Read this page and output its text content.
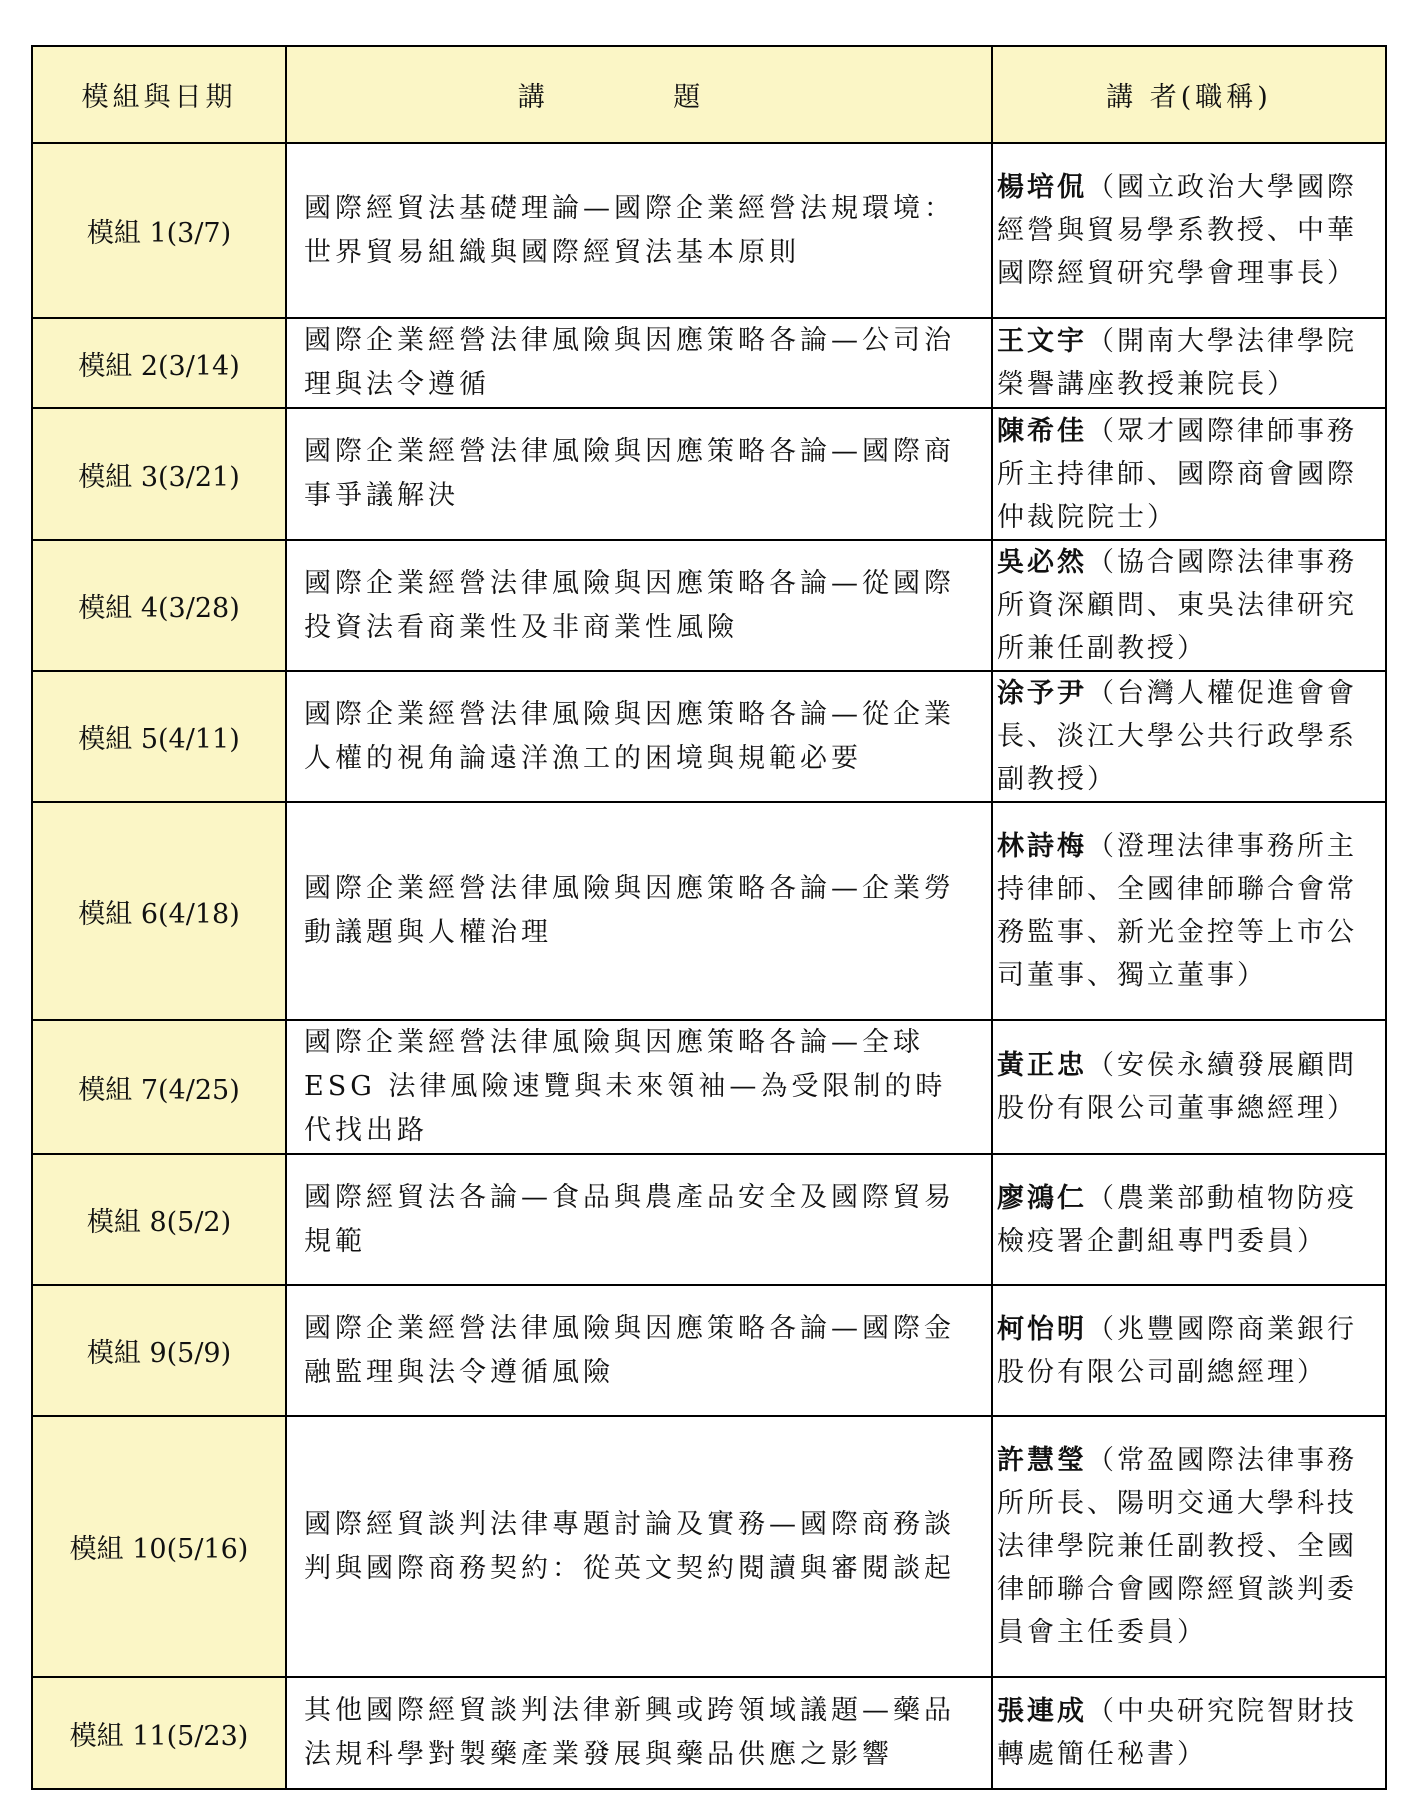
模組與日期	講 題	講 者(職稱)
模組 1(3/7)	國際經貿法基礎理論—國際企業經營法規環境：世界貿易組織與國際經貿法基本原則	楊培侃（國立政治大學國際經營與貿易學系教授、中華國際經貿研究學會理事長）

模組 2(3/14)	國際企業經營法律風險與因應策略各論—公司治理與法令遵循	王文宇（開南大學法律學院榮譽講座教授兼院長）

模組 3(3/21)	國際企業經營法律風險與因應策略各論—國際商事爭議解決	陳希佳（眾才國際律師事務所主持律師、國際商會國際仲裁院院士）

模組 4(3/28)	國際企業經營法律風險與因應策略各論—從國際投資法看商業性及非商業性風險	吳必然（協合國際法律事務所資深顧問、東吳法律研究所兼任副教授）

模組 5(4/11)	國際企業經營法律風險與因應策略各論—從企業人權的視角論遠洋漁工的困境與規範必要	涂予尹（台灣人權促進會會長、淡江大學公共行政學系副教授）

模組 6(4/18)	國際企業經營法律風險與因應策略各論—企業勞動議題與人權治理	林詩梅（澄理法律事務所主持律師、全國律師聯合會常務監事、新光金控等上市公司董事、獨立董事）

模組 7(4/25)	國際企業經營法律風險與因應策略各論—全球ESG 法律風險速覽與未來領袖—為受限制的時代找出路	黃正忠（安侯永續發展顧問股份有限公司董事總經理）

模組 8(5/2)	國際經貿法各論—食品與農產品安全及國際貿易規範	廖鴻仁（農業部動植物防疫檢疫署企劃組專門委員）

模組 9(5/9)	國際企業經營法律風險與因應策略各論—國際金融監理與法令遵循風險	柯怡明（兆豐國際商業銀行股份有限公司副總經理）

模組 10(5/16)	國際經貿談判法律專題討論及實務—國際商務談判與國際商務契約：從英文契約閱讀與審閱談起	許慧瑩（常盈國際法律事務所所長、陽明交通大學科技法律學院兼任副教授、全國律師聯合會國際經貿談判委員會主任委員）

模組 11(5/23)	其他國際經貿談判法律新興或跨領域議題—藥品法規科學對製藥產業發展與藥品供應之影響	張連成（中央研究院智財技轉處簡任秘書）
